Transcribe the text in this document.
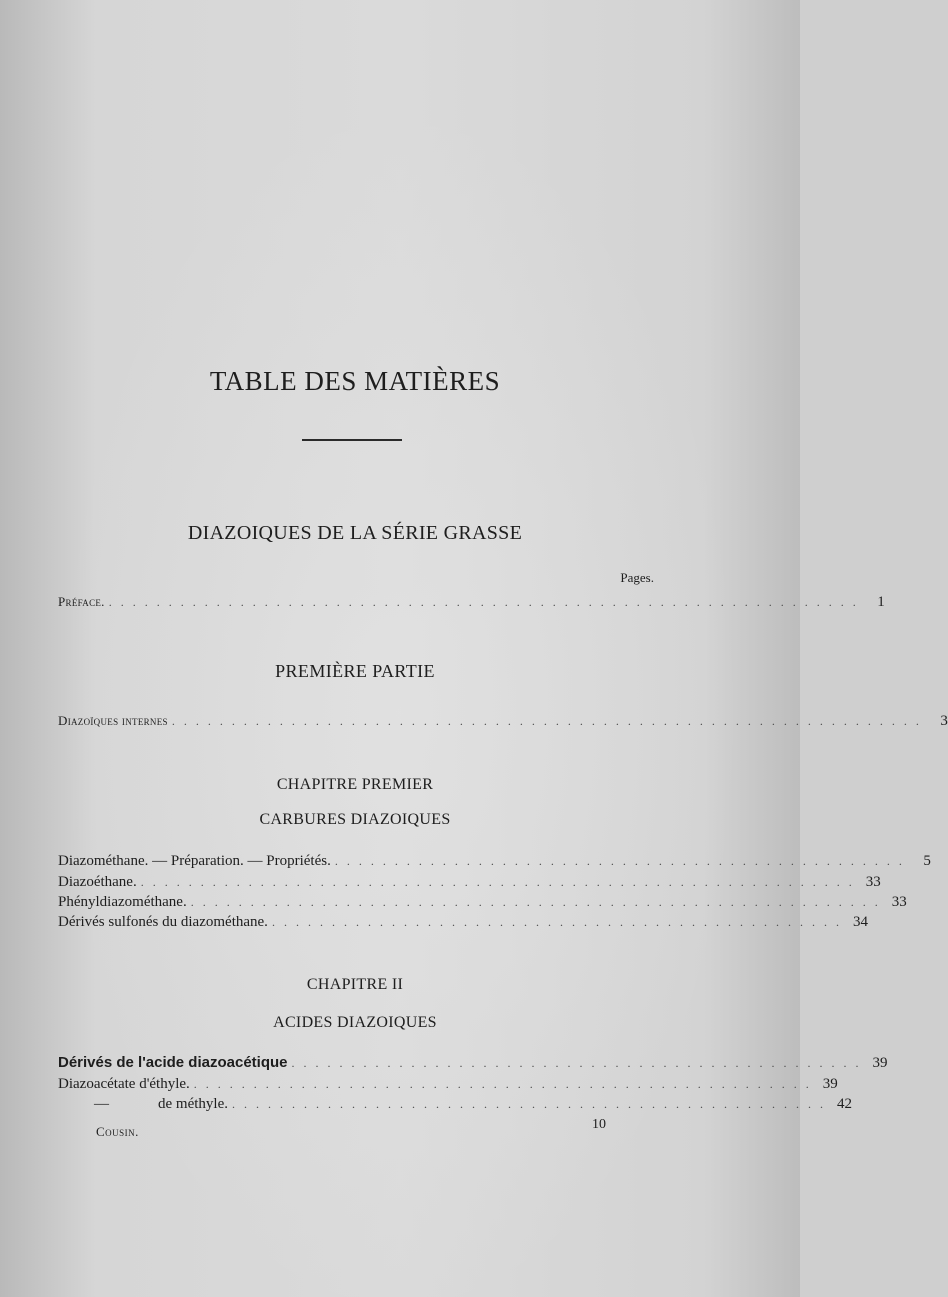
TABLE DES MATIÈRES
DIAZOIQUES DE LA SÉRIE GRASSE
Pages.
Préface. . . . . . . . . . . . . . . . . . . . . . . . . . . . . . . . . . . . . . . . . . . . . . . . . . . . . . . . . . . . . . . .	1
PREMIÈRE PARTIE
Diazoïques internes . . . . . . . . . . . . . . . . . . . . . . . . . . . . . . . . . . . . . . . . . . . . . . . . . . . . . . . . . . . . . . .	3
CHAPITRE PREMIER
CARBURES DIAZOIQUES
Diazométhane. — Préparation. — Propriétés. . . . . . . . . . . . . . . . . . . . . . . . . . . . . . . . . . . . . . . . . . . . . . . . .	5
Diazoéthane. . . . . . . . . . . . . . . . . . . . . . . . . . . . . . . . . . . . . . . . . . . . . . . . . . . . . . . . . . . . . 33
Phényldiazométhane. . . . . . . . . . . . . . . . . . . . . . . . . . . . . . . . . . . . . . . . . . . . . . . . . . . . . . . . . . . 33
Dérivés sulfonés du diazométhane. . . . . . . . . . . . . . . . . . . . . . . . . . . . . . . . . . . . . . . . . . . . . . . . . 34
CHAPITRE II
ACIDES DIAZOIQUES
Dérivés de l'acide diazoacétique . . . . . . . . . . . . . . . . . . . . . . . . . . . . . . . . . . . . . . . . . . . . . . . . 39
Diazoacétate d'éthyle. . . . . . . . . . . . . . . . . . . . . . . . . . . . . . . . . . . . . . . . . . . . . . . . . . . . . 39
—	de méthyle. . . . . . . . . . . . . . . . . . . . . . . . . . . . . . . . . . . . . . . . . . . . . . . . . . . 42
Cousin.	10
